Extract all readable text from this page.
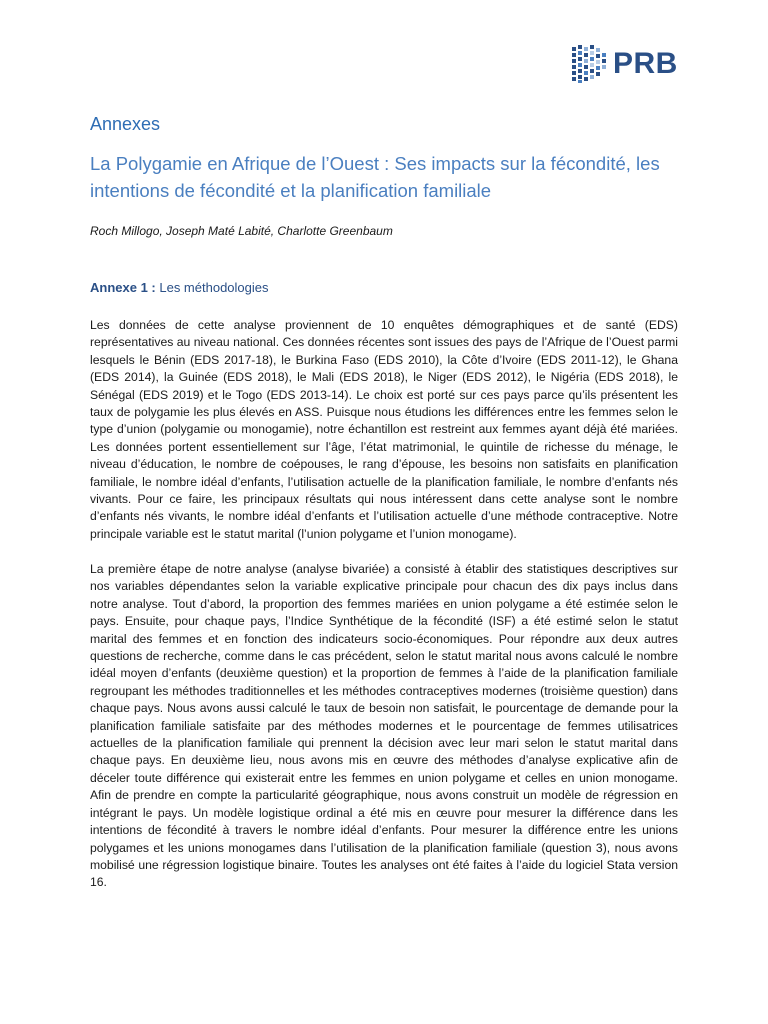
PRB
Annexes
La Polygamie en Afrique de l’Ouest : Ses impacts sur la fécondité, les intentions de fécondité et la planification familiale

Roch Millogo, Joseph Maté Labité, Charlotte Greenbaum

Annexe 1 : Les méthodologies

Les données de cette analyse proviennent de 10 enquêtes démographiques et de santé (EDS) représentatives au niveau national. Ces données récentes sont issues des pays de l’Afrique de l’Ouest parmi lesquels le Bénin (EDS 2017-18), le Burkina Faso (EDS 2010), la Côte d’Ivoire (EDS 2011-12), le Ghana (EDS 2014), la Guinée (EDS 2018), le Mali (EDS 2018), le Niger (EDS 2012), le Nigéria (EDS 2018), le Sénégal (EDS 2019) et le Togo (EDS 2013-14). Le choix est porté sur ces pays parce qu’ils présentent les taux de polygamie les plus élevés en ASS. Puisque nous étudions les différences entre les femmes selon le type d’union (polygamie ou monogamie), notre échantillon est restreint aux femmes ayant déjà été mariées. Les données portent essentiellement sur l’âge, l’état matrimonial, le quintile de richesse du ménage, le niveau d’éducation, le nombre de coépouses, le rang d’épouse, les besoins non satisfaits en planification familiale, le nombre idéal d’enfants, l’utilisation actuelle de la planification familiale, le nombre d’enfants nés vivants. Pour ce faire, les principaux résultats qui nous intéressent dans cette analyse sont le nombre d’enfants nés vivants, le nombre idéal d’enfants et l’utilisation actuelle d’une méthode contraceptive. Notre principale variable est le statut marital (l’union polygame et l’union monogame).

La première étape de notre analyse (analyse bivariée) a consisté à établir des statistiques descriptives sur nos variables dépendantes selon la variable explicative principale pour chacun des dix pays inclus dans notre analyse. Tout d’abord, la proportion des femmes mariées en union polygame a été estimée selon le pays. Ensuite, pour chaque pays, l’Indice Synthétique de la fécondité (ISF) a été estimé selon le statut marital des femmes et en fonction des indicateurs socio-économiques. Pour répondre aux deux autres questions de recherche, comme dans le cas précédent, selon le statut marital nous avons calculé le nombre idéal moyen d’enfants (deuxième question) et la proportion de femmes à l’aide de la planification familiale regroupant les méthodes traditionnelles et les méthodes contraceptives modernes (troisième question) dans chaque pays. Nous avons aussi calculé le taux de besoin non satisfait, le pourcentage de demande pour la planification familiale satisfaite par des méthodes modernes et le pourcentage de femmes utilisatrices actuelles de la planification familiale qui prennent la décision avec leur mari selon le statut marital dans chaque pays. En deuxième lieu, nous avons mis en œuvre des méthodes d’analyse explicative afin de déceler toute différence qui existerait entre les femmes en union polygame et celles en union monogame. Afin de prendre en compte la particularité géographique, nous avons construit un modèle de régression en intégrant le pays. Un modèle logistique ordinal a été mis en œuvre pour mesurer la différence dans les intentions de fécondité à travers le nombre idéal d’enfants. Pour mesurer la différence entre les unions polygames et les unions monogames dans l’utilisation de la planification familiale (question 3), nous avons mobilisé une régression logistique binaire. Toutes les analyses ont été faites à l’aide du logiciel Stata version 16.
